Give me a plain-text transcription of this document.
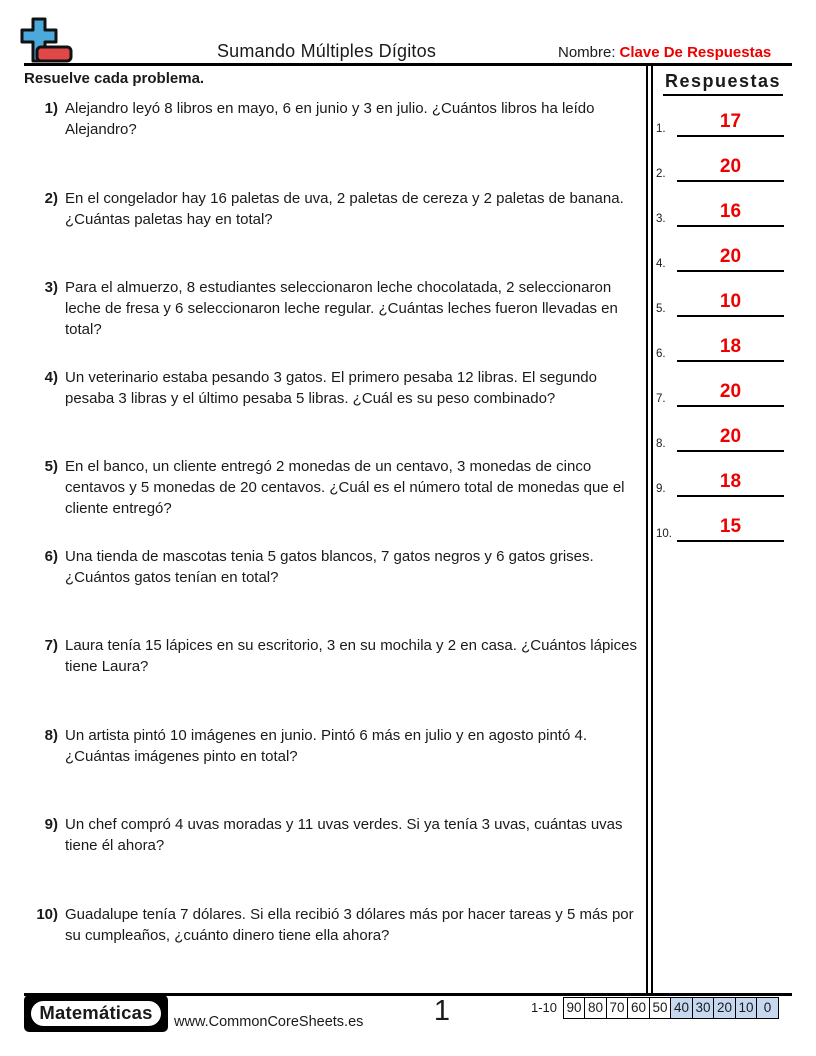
Sumando Múltiples Dígitos	Nombre: Clave De Respuestas
Resuelve cada problema.
1) Alejandro leyó 8 libros en mayo, 6 en junio y 3 en julio. ¿Cuántos libros ha leído Alejandro?
2) En el congelador hay 16 paletas de uva, 2 paletas de cereza y 2 paletas de banana. ¿Cuántas paletas hay en total?
3) Para el almuerzo, 8 estudiantes seleccionaron leche chocolatada, 2 seleccionaron leche de fresa y 6 seleccionaron leche regular. ¿Cuántas leches fueron llevadas en total?
4) Un veterinario estaba pesando 3 gatos. El primero pesaba 12 libras. El segundo pesaba 3 libras y el último pesaba 5 libras. ¿Cuál es su peso combinado?
5) En el banco, un cliente entregó 2 monedas de un centavo, 3 monedas de cinco centavos y 5 monedas de 20 centavos. ¿Cuál es el número total de monedas que el cliente entregó?
6) Una tienda de mascotas tenia 5 gatos blancos, 7 gatos negros y 6 gatos grises. ¿Cuántos gatos tenían en total?
7) Laura tenía 15 lápices en su escritorio, 3 en su mochila y 2 en casa. ¿Cuántos lápices tiene Laura?
8) Un artista pintó 10 imágenes en junio. Pintó 6 más en julio y en agosto pintó 4. ¿Cuántas imágenes pinto en total?
9) Un chef compró 4 uvas moradas y 11 uvas verdes. Si ya tenía 3 uvas, cuántas uvas tiene él ahora?
10) Guadalupe tenía 7 dólares. Si ella recibió 3 dólares más por hacer tareas y 5 más por su cumpleaños, ¿cuánto dinero tiene ella ahora?
Respuestas
1.	17
2.	20
3.	16
4.	20
5.	10
6.	18
7.	20
8.	20
9.	18
10.	15
Matemáticas	www.CommonCoreSheets.es	1	1-10 90 80 70 60 50 40 30 20 10 0
